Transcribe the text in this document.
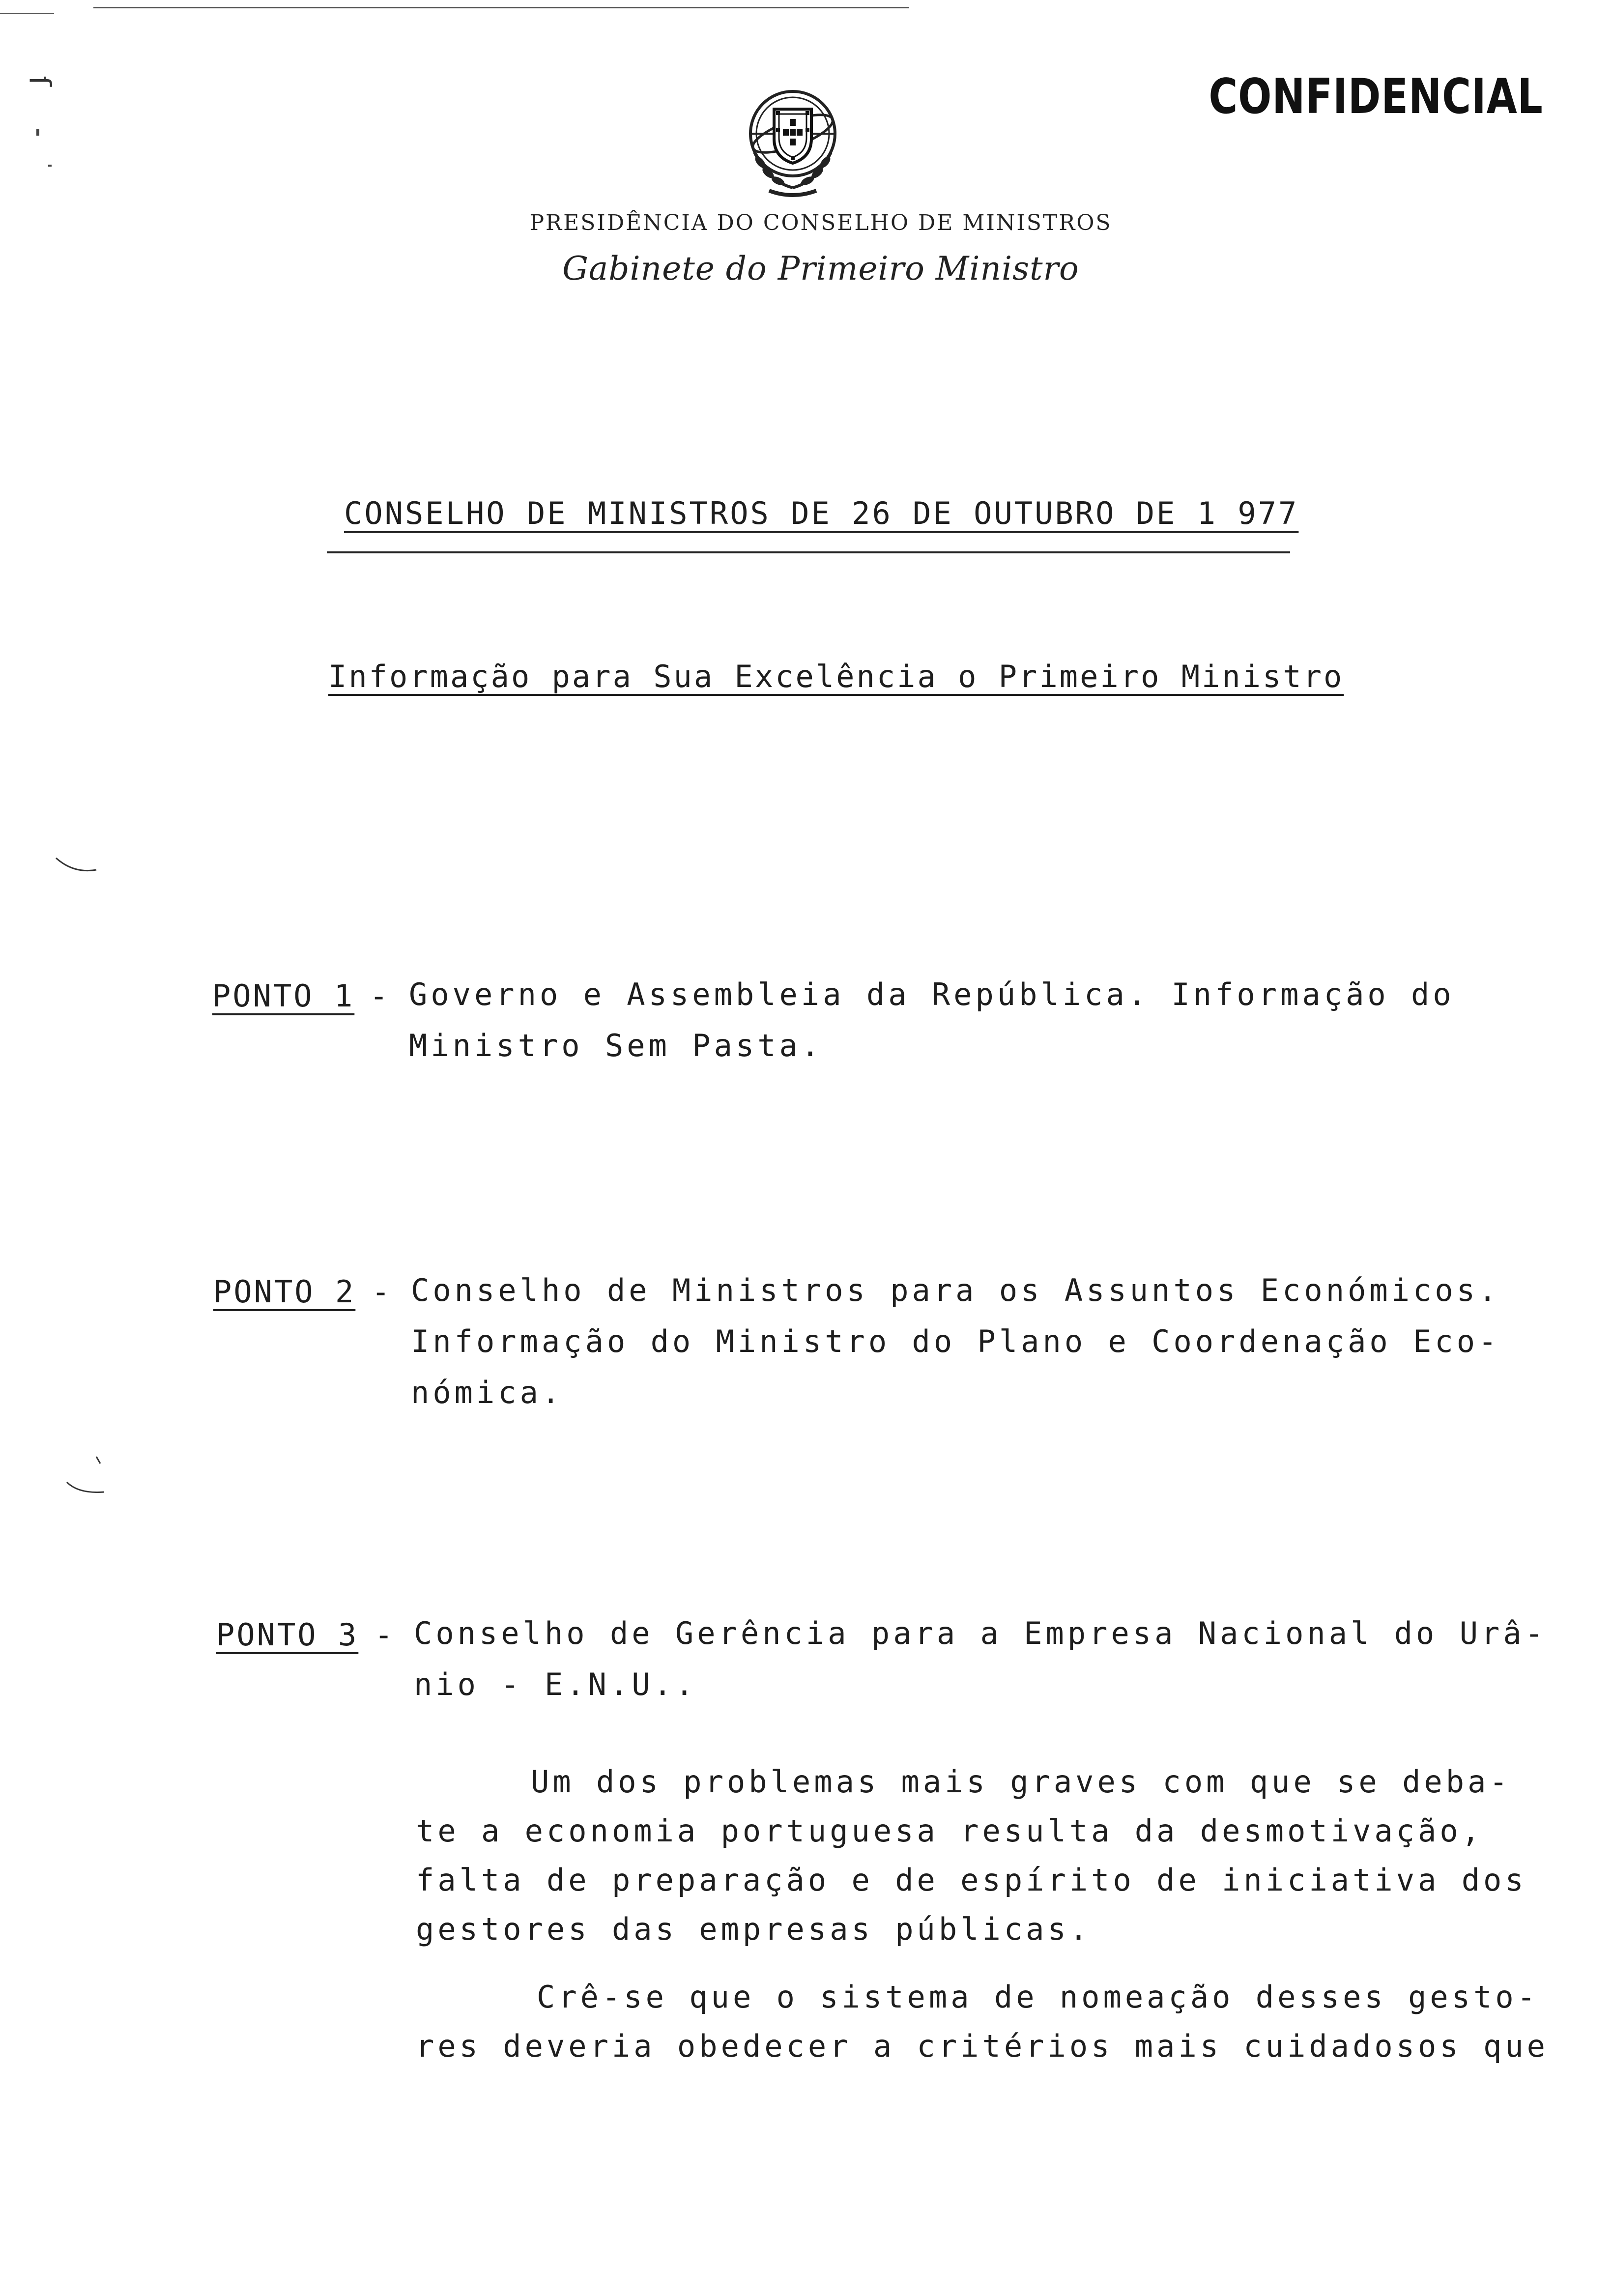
ſ	CONFIDENCIAL
PRESIDÊNCIA DO CONSELHO DE MINISTROS
Gabinete do Primeiro Ministro
CONSELHO DE MINISTROS DE 26 DE OUTUBRO DE 1 977
Informação para Sua Excelência o Primeiro Ministro
PONTO 1 - Governo e Assembleia da República. Informação do
Ministro Sem Pasta.
PONTO 2 - Conselho de Ministros para os Assuntos Económicos.
Informação do Ministro do Plano e Coordenação Eco-
nómica.
PONTO 3 - Conselho de Gerência para a Empresa Nacional do Urâ-
nio - E.N.U..
Um dos problemas mais graves com que se deba-
te a economia portuguesa resulta da desmotivação,
falta de preparação e de espírito de iniciativa dos
gestores das empresas públicas.
Crê-se que o sistema de nomeação desses gesto-
res deveria obedecer a critérios mais cuidadosos que
